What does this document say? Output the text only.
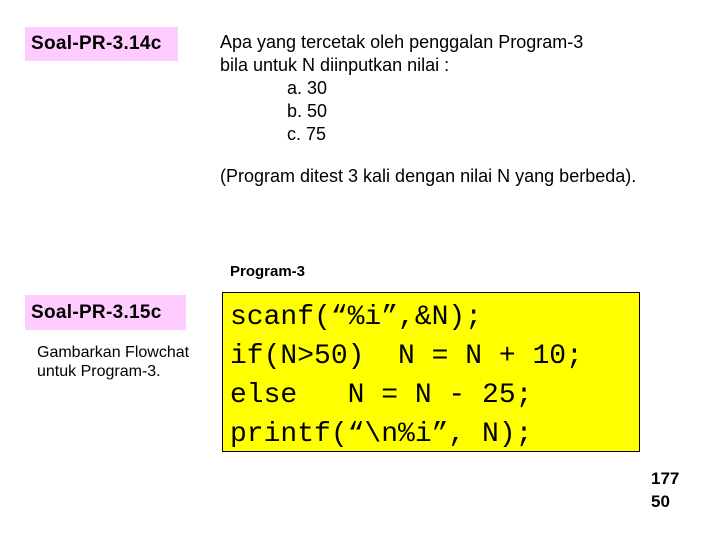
Soal-PR-3.14c	Apa yang tercetak oleh penggalan Program-3
bila untuk N diinputkan nilai :
a. 30
b. 50
c. 75
(Program ditest 3 kali dengan nilai N yang berbeda).
Program-3
Soal-PR-3.15c	scanf(“%i”,&N);
if(N>50)  N = N + 10;
else   N = N - 25;
printf(“\n%i”, N);
Gambarkan Flowchat untuk Program-3.
177
50
